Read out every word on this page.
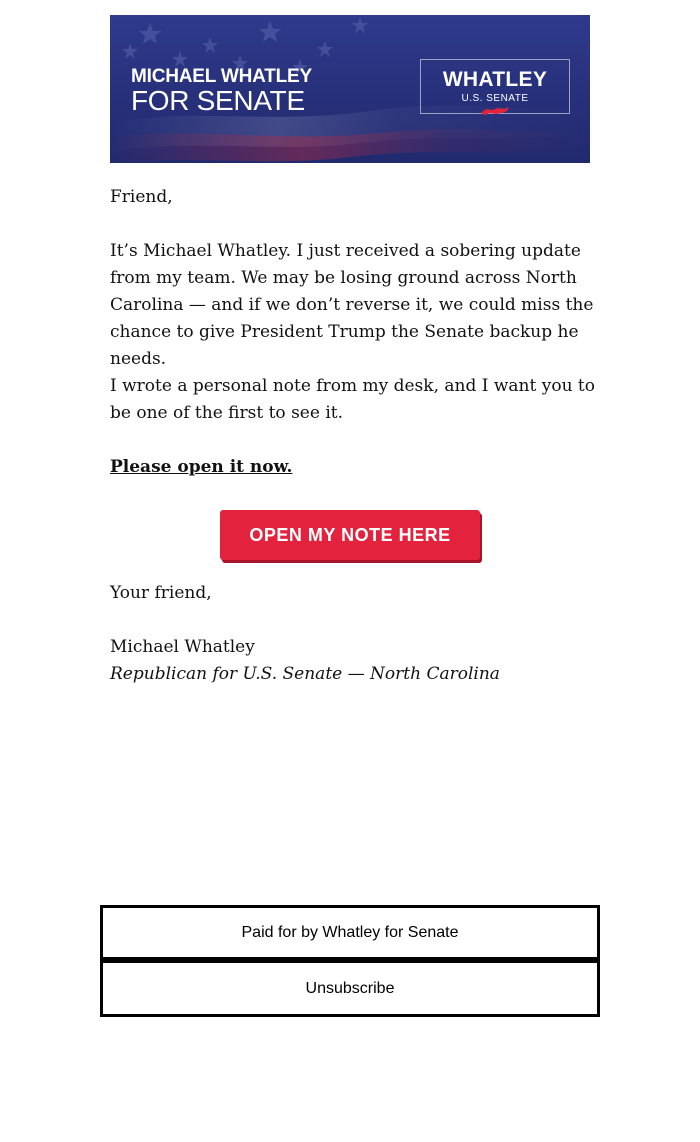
MICHAEL WHATLEY
FOR SENATE
WHATLEY
U.S. SENATE

Friend,

It’s Michael Whatley. I just received a sobering update from my team. We may be losing ground across North Carolina — and if we don’t reverse it, we could miss the chance to give President Trump the Senate backup he needs.

I wrote a personal note from my desk, and I want you to be one of the first to see it.

Please open it now.
OPEN MY NOTE HERE

Your friend,

Michael Whatley
Republican for U.S. Senate — North Carolina
Paid for by Whatley for Senate
Unsubscribe
